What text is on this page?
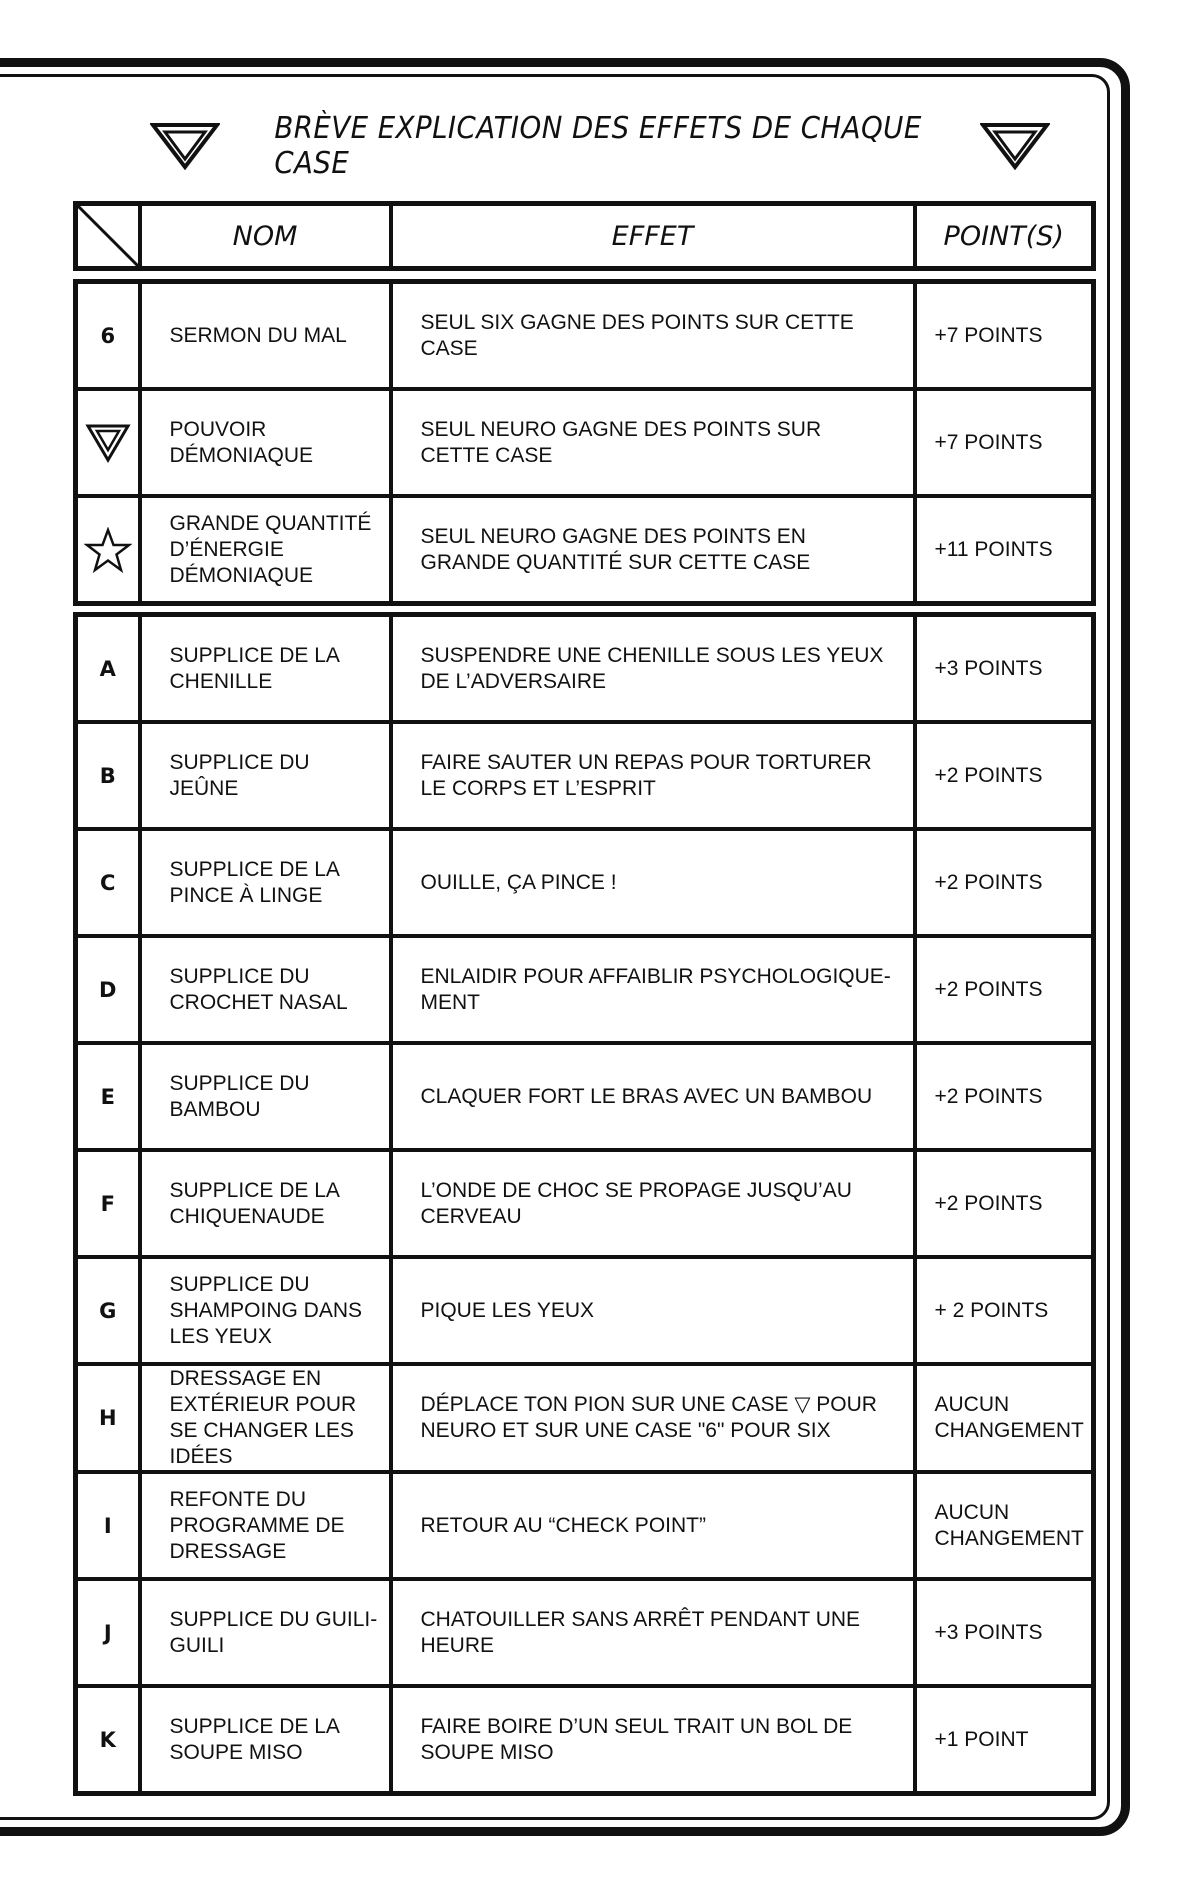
BRÈVE EXPLICATION DES EFFETS DE CHAQUE CASE
	NOM	EFFET	POINT(S)
6	SERMON DU MAL	SEUL SIX GAGNE DES POINTS SUR CETTE CASE	+7 POINTS
	POUVOIR DÉMONIAQUE	SEUL NEURO GAGNE DES POINTS SUR CETTE CASE	+7 POINTS
	GRANDE QUANTITÉ D’ÉNERGIE DÉMONIAQUE	SEUL NEURO GAGNE DES POINTS EN GRANDE QUANTITÉ SUR CETTE CASE	+11 POINTS
A	SUPPLICE DE LA CHENILLE	SUSPENDRE UNE CHENILLE SOUS LES YEUX DE L’ADVERSAIRE	+3 POINTS
B	SUPPLICE DU JEÛNE	FAIRE SAUTER UN REPAS POUR TORTURER LE CORPS ET L’ESPRIT	+2 POINTS
C	SUPPLICE DE LA PINCE À LINGE	OUILLE, ÇA PINCE !	+2 POINTS
D	SUPPLICE DU CROCHET NASAL	ENLAIDIR POUR AFFAIBLIR PSYCHOLOGIQUE-MENT	+2 POINTS
E	SUPPLICE DU BAMBOU	CLAQUER FORT LE BRAS AVEC UN BAMBOU	+2 POINTS
F	SUPPLICE DE LA CHIQUENAUDE	L’ONDE DE CHOC SE PROPAGE JUSQU’AU CERVEAU	+2 POINTS
G	SUPPLICE DU SHAMPOING DANS LES YEUX	PIQUE LES YEUX	+ 2 POINTS
H	DRESSAGE EN EXTÉRIEUR POUR SE CHANGER LES IDÉES	DÉPLACE TON PION SUR UNE CASE ▽ POUR NEURO ET SUR UNE CASE "6" POUR SIX	AUCUN CHANGEMENT
I	REFONTE DU PROGRAMME DE DRESSAGE	RETOUR AU “CHECK POINT”	AUCUN CHANGEMENT
J	SUPPLICE DU GUILI-GUILI	CHATOUILLER SANS ARRÊT PENDANT UNE HEURE	+3 POINTS
K	SUPPLICE DE LA SOUPE MISO	FAIRE BOIRE D’UN SEUL TRAIT UN BOL DE SOUPE MISO	+1 POINT
